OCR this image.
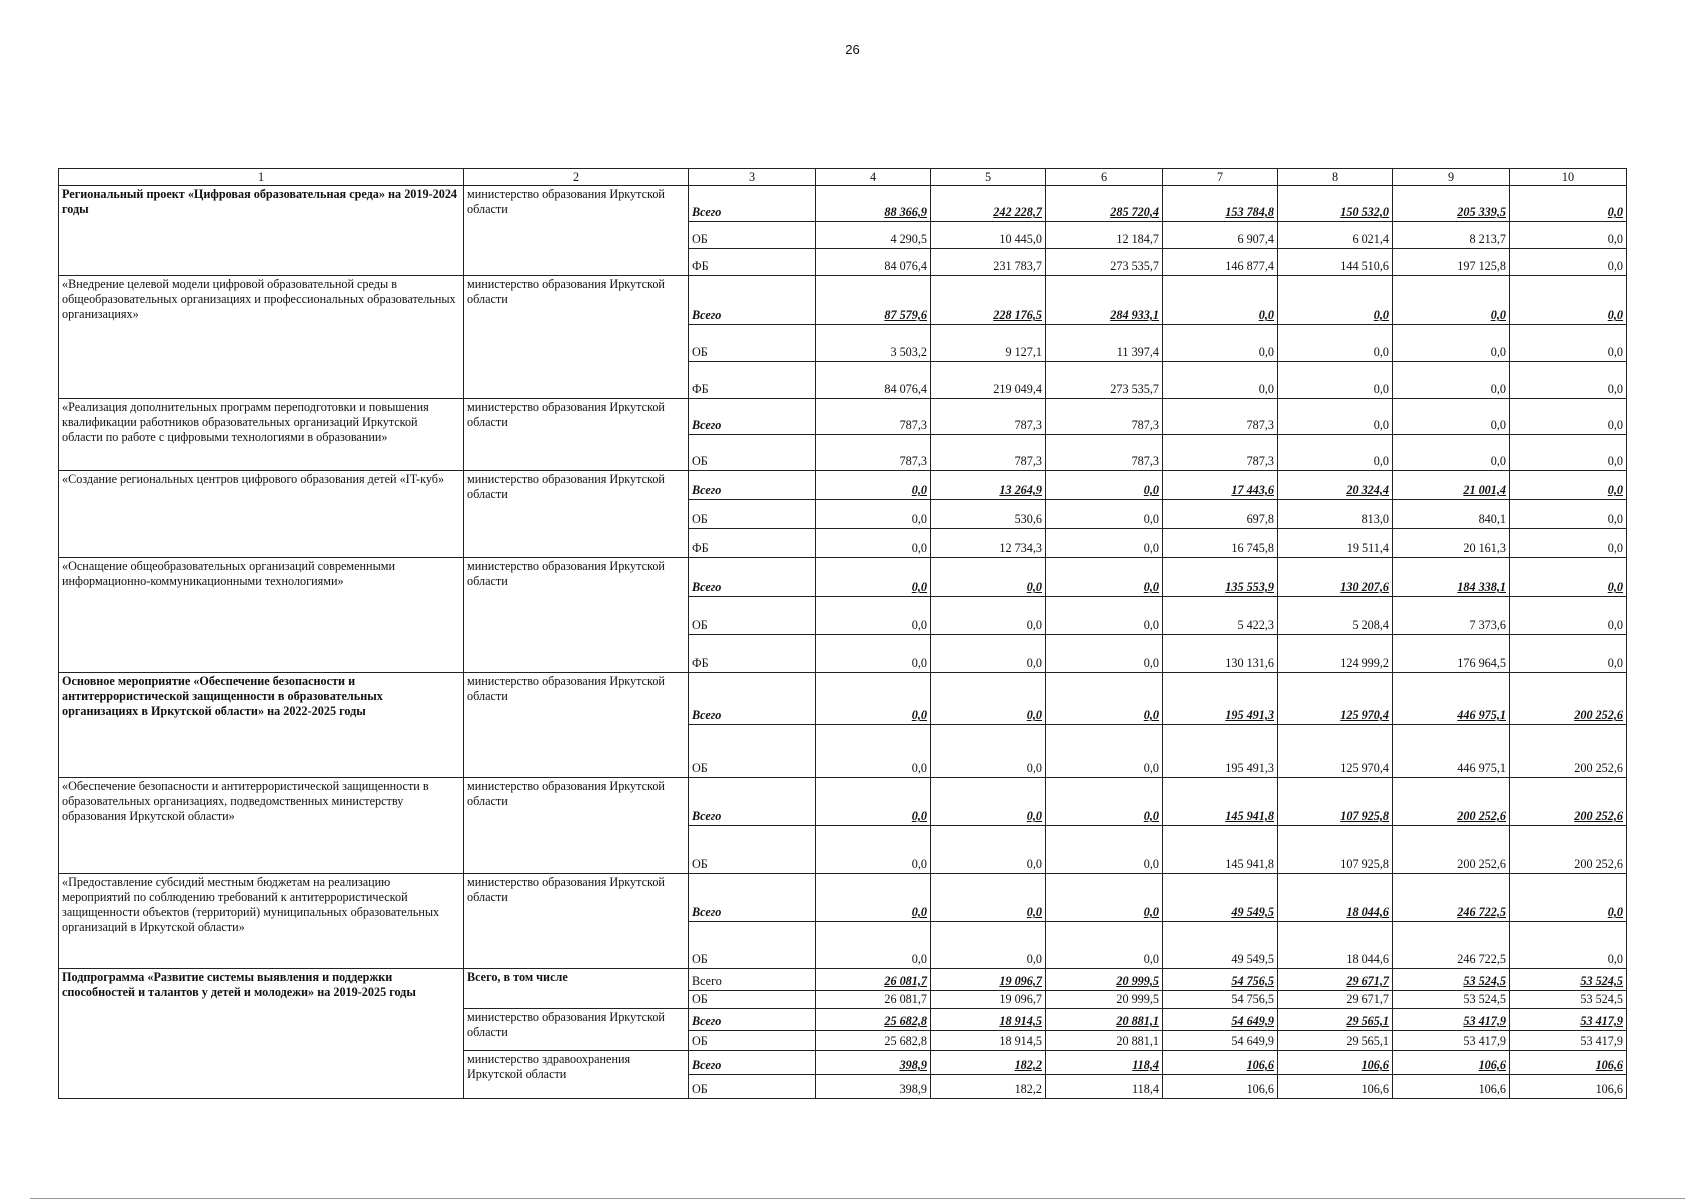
26
1	2	3	4	5	6	7	8	9	10
Региональный проект «Цифровая образовательная среда» на 2019-2024 годы	министерство образования Иркутской области	Всего	88 366,9	242 228,7	285 720,4	153 784,8	150 532,0	205 339,5	0,0
		ОБ	4 290,5	10 445,0	12 184,7	6 907,4	6 021,4	8 213,7	0,0
		ФБ	84 076,4	231 783,7	273 535,7	146 877,4	144 510,6	197 125,8	0,0
«Внедрение целевой модели цифровой образовательной среды в общеобразовательных организациях и профессиональных образовательных организациях»	министерство образования Иркутской области	Всего	87 579,6	228 176,5	284 933,1	0,0	0,0	0,0	0,0
		ОБ	3 503,2	9 127,1	11 397,4	0,0	0,0	0,0	0,0
		ФБ	84 076,4	219 049,4	273 535,7	0,0	0,0	0,0	0,0
«Реализация дополнительных программ переподготовки и повышения квалификации работников образовательных организаций Иркутской области по работе с цифровыми технологиями в образовании»	министерство образования Иркутской области	Всего	787,3	787,3	787,3	787,3	0,0	0,0	0,0
		ОБ	787,3	787,3	787,3	787,3	0,0	0,0	0,0
«Создание региональных центров цифрового образования детей «IT-куб»	министерство образования Иркутской области	Всего	0,0	13 264,9	0,0	17 443,6	20 324,4	21 001,4	0,0
		ОБ	0,0	530,6	0,0	697,8	813,0	840,1	0,0
		ФБ	0,0	12 734,3	0,0	16 745,8	19 511,4	20 161,3	0,0
«Оснащение общеобразовательных организаций современными информационно-коммуникационными технологиями»	министерство образования Иркутской области	Всего	0,0	0,0	0,0	135 553,9	130 207,6	184 338,1	0,0
		ОБ	0,0	0,0	0,0	5 422,3	5 208,4	7 373,6	0,0
		ФБ	0,0	0,0	0,0	130 131,6	124 999,2	176 964,5	0,0
Основное мероприятие «Обеспечение безопасности и антитеррористической защищенности в образовательных организациях в Иркутской области» на 2022-2025 годы	министерство образования Иркутской области	Всего	0,0	0,0	0,0	195 491,3	125 970,4	446 975,1	200 252,6
		ОБ	0,0	0,0	0,0	195 491,3	125 970,4	446 975,1	200 252,6
«Обеспечение безопасности и антитеррористической защищенности в образовательных организациях, подведомственных министерству образования Иркутской области»	министерство образования Иркутской области	Всего	0,0	0,0	0,0	145 941,8	107 925,8	200 252,6	200 252,6
		ОБ	0,0	0,0	0,0	145 941,8	107 925,8	200 252,6	200 252,6
«Предоставление субсидий местным бюджетам на реализацию мероприятий по соблюдению требований к антитеррористической защищенности объектов (территорий) муниципальных образовательных организаций в Иркутской области»	министерство образования Иркутской области	Всего	0,0	0,0	0,0	49 549,5	18 044,6	246 722,5	0,0
		ОБ	0,0	0,0	0,0	49 549,5	18 044,6	246 722,5	0,0
Подпрограмма «Развитие системы выявления и поддержки способностей и талантов у детей и молодежи» на 2019-2025 годы	Всего, в том числе	Всего	26 081,7	19 096,7	20 999,5	54 756,5	29 671,7	53 524,5	53 524,5
		ОБ	26 081,7	19 096,7	20 999,5	54 756,5	29 671,7	53 524,5	53 524,5
	министерство образования Иркутской области	Всего	25 682,8	18 914,5	20 881,1	54 649,9	29 565,1	53 417,9	53 417,9
		ОБ	25 682,8	18 914,5	20 881,1	54 649,9	29 565,1	53 417,9	53 417,9
	министерство здравоохранения Иркутской области	Всего	398,9	182,2	118,4	106,6	106,6	106,6	106,6
		ОБ	398,9	182,2	118,4	106,6	106,6	106,6	106,6
